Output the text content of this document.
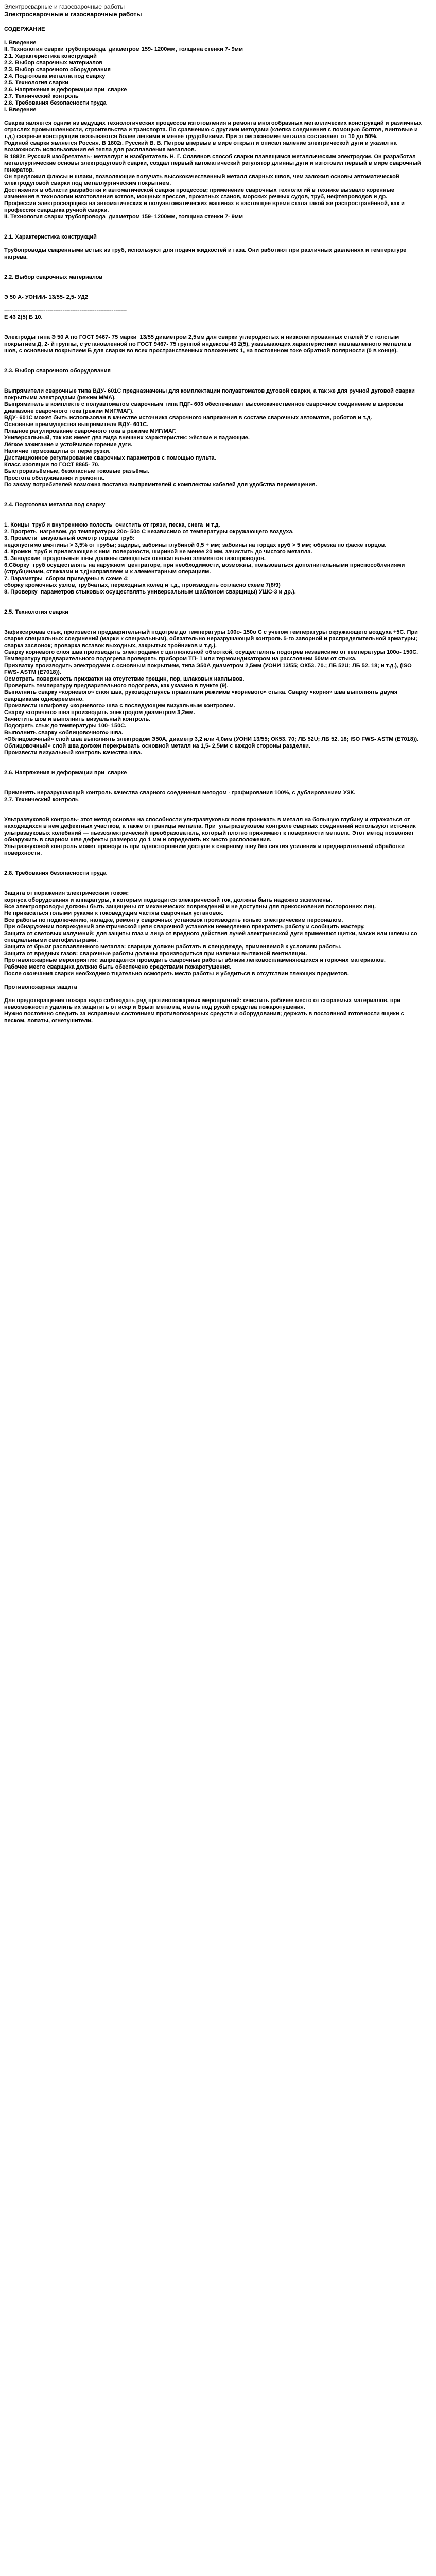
Электросварные и газосварочные работы
Электросварочные и газосварочные работы
СОДЕРЖАНИЕ
I. Введение
II. Технология сварки трубопровода  диаметром 159- 1200мм, толщина стенки 7- 9мм
2.1. Характеристика конструкций
2.2. Выбор сварочных материалов
2.3. Выбор сварочного оборудования
2.4. Подготовка металла под сварку
2.5. Технология сварки
2.6. Напряжения и деформации при  сварке
2.7. Технический контроль
2.8. Требования безопасности труда
I. Введение
Сварка является одним из ведущих технологических процессов изготовления и ремонта многообразных металлических конструкций и различных отраслях промышленности, строительства и транспорта. По сравнению с другими методами (клепка соединения с помощью болтов, винтовые и т.д.) сварные конструкции оказываются более легкими и менее трудоёмкими. При этом экономия металла составляет от 10 до 50%.
Родиной сварки является Россия. В 1802г. Русский В. В. Петров впервые в мире открыл и описал явление электрической дуги и указал на возможность использования её тепла для расплавления металлов.
В 1882г. Русский изобретатель- металлург и изобретатель Н. Г. Славянов способ сварки плавящимся металлическим электродом. Он разработал металлургические основы электродуговой сварки, создал первый автоматический регулятор длинны дуги и изготовил первый в мире сварочный генератор.
Он предложил флюсы и шлаки, позволяющие получать высококачественный металл сварных швов, чем заложил основы автоматической электродуговой сварки под металлургическим покрытием.
Достижения в области разработки и автоматической сварки процессов; применение сварочных технологий в технике вызвало коренные изменения в технологии изготовления котлов, мощных прессов, прокатных станов, морских речных судов, труб, нефтепроводов и др.
Профессия электросварщика на автоматических и полуавтоматических машинах в настоящее время стала такой же распространённой, как и профессия сварщика ручной сварки.
II. Технология сварки трубопровода  диаметром 159- 1200мм, толщина стенки 7- 9мм
2.1. Характеристика конструкций
Трубопроводы сваренными встык из труб, используют для подачи жидкостей и газа. Они работают при различных давлениях и температуре нагрева.
2.2. Выбор сварочных материалов
Э 50 А- УОНИИ- 13/55- 2,5- УД2
-----------------------------------------------------------------
Е 43 2(5) Б 10.
Электроды типа Э 50 А по ГОСТ 9467- 75 марки  13/55 диаметром 2,5мм для сварки углеродистых и низколегированных сталей У с толстым покрытием Д, 2- й группы, с установленной по ГОСТ 9467- 75 группой индексов 43 2(5), указывающих характеристики наплавленного металла в шов, с основным покрытием Б для сварки во всех пространственных положениях 1, на постоянном токе обратной полярности (0 в конце).
2.3. Выбор сварочного оборудования
Выпрямители сварочные типа ВДУ- 601С предназначены для комплектации полуавтоматов дуговой сварки, а так же для ручной дуговой сварки покрытыми электродами (режим ММА).
Выпрямитель в комплекте с полуавтоматом сварочным типа ПДГ- 603 обеспечивает высококачественное сварочное соединение в широком диапазоне сварочного тока (режим МИГ/МАГ).
ВДУ- 601С может быть использован в качестве источника сварочного напряжения в составе сварочных автоматов, роботов и т.д.
Основные преимущества выпрямителя ВДУ- 601С.
Плавное регулирование сварочного тока в режиме МИГ/МАГ.
Универсальный, так как имеет два вида внешних характеристик: жёсткие и падающие.
Лёгкое зажигание и устойчивое горение дуги.
Наличие термозащиты от перегрузки.
Дистанционное регулирование сварочных параметров с помощью пульта.
Класс изоляции по ГОСТ 8865- 70.
Быстроразъёмные, безопасные токовые разъёмы.
Простота обслуживания и ремонта.
По заказу потребителей возможна поставка выпрямителей с комплектом кабелей для удобства перемещения.
2.4. Подготовка металла под сварку
1. Концы  труб и внутреннюю полость  очистить от грязи, песка, снега  и т.д.
2. Прогреть  нагревом, до температуры 20о- 50о С независимо от температуры окружающего воздуха.
3. Провести  визуальный осмотр торцов труб:
недопустимо вмятины > 3,5% от трубы; задиры, забоины глубиной 0,5 + мм; забоины на торцах труб > 5 мм; обрезка по фаске торцов.
4. Кромки  труб и прилегающие к ним  поверхности, шириной не менее 20 мм, зачистить до чистого металла.
5. Заводские  продольные швы должны смещаться относительно элементов газопроводов.
6.Сборку  труб осуществлять на наружном  центраторе, при необходимости, возможны, пользоваться дополнительными приспособлениями (струбцинами, стяжками и т.д)направляем и к элементарным операциям.
7. Параметры  сборки приведены в схеме 4:
сборку кромочных узлов, трубчатых, переходных колец и т.д., производить согласно схеме 7(8/9)
8. Проверку  параметров стыковых осуществлять универсальным шаблоном сварщицы) УШС-3 и др.).
2.5. Технология сварки
Зафиксировав стык, произвести предварительный подогрев до температуры 100о- 150о С с учетом температуры окружающего воздуха +5С. При сварке специальных соединений (марки к специальным), обязательно неразрушающий контроль 5-го заворной и распределительной арматуры; сварка заслонок; проварка вставок выходных, закрытых тройников и т.д.).
Сварку корневого слоя шва производить электродами с целлюлозной обмоткой, осуществлять подогрев независимо от температуры 100о- 150С.
Температуру предварительного подогрева проверять прибором ТП- 1 или термоиндикатором на расстоянии 50мм от стыка.
Прихватку производить электродами с основным покрытием, типа Э50А диаметром 2,5мм (УОНИ 13/55; ОК53. 70.; ЛБ 52U; ЛБ 52. 18; и т.д.), (ISO FWS- ASTM (E7018)).
Осмотреть поверхность прихватки на отсутствие трещин, пор, шлаковых наплывов.
Проверить температуру предварительного подогрева, как указано в пункте (9).
Выполнить сварку «корневого» слоя шва, руководствуясь правилами режимов «корневого» стыка. Сварку «корня» шва выполнять двумя сварщиками одновременно.
Произвести шлифовку «корневого» шва с последующим визуальным контролем.
Сварку «горячего» шва производить электродом диаметром 3,2мм.
Зачистить шов и выполнить визуальный контроль.
Подогреть стык до температуры 100- 150С.
Выполнить сварку «облицовочного» шва.
«Облицовочный» слой шва выполнять электродом Э50А, диаметр 3,2 или 4,0мм (УОНИ 13/55; ОК53. 70; ЛБ 52U; ЛБ 52. 18; ISO FWS- ASTM (E7018)).
Облицовочный» слой шва должен перекрывать основной металл на 1,5- 2,5мм с каждой стороны разделки.
Произвести визуальный контроль качества шва.
2.6. Напряжения и деформации при  сварке
Применять неразрушающий контроль качества сварного соединения методом - графирования 100%, с дублированием УЗК.
2.7. Технический контроль
Ультразвуковой контроль- этот метод основан на способности ультразвуковых волн проникать в металл на большую глубину и отражаться от находящихся в нем дефектных участков, а также от границы металла. При  ультразвуковом контроле сварных соединений используют источник ультразвуковых колебаний — пьезоэлектрический преобразователь, который плотно прижимают к поверхности металла. Этот метод позволяет обнаружить в сварном шве дефекты размером до 1 мм и определить их место расположения.
Ультразвуковой контроль может проводить при односторонним доступе к сварному шву без снятия усиления и предварительной обработки поверхности.
2.8. Требования безопасности труда
Защита от поражения электрическим током:
корпуса оборудования и аппаратуры, к которым подводится электрический ток, должны быть надежно заземлены.
Все электропроводы должны быть защищены от механических повреждений и не доступны для прикосновения посторонних лиц.
Не прикасаться голыми руками к токоведущим частям сварочных установок.
Все работы по подключению, наладке, ремонту сварочных установок производить только электрическим персоналом.
При обнаружении повреждений электрической цепи сварочной установки немедленно прекратить работу и сообщить мастеру.
Защита от световых излучений: для защиты глаз и лица от вредного действия лучей электрической дуги применяют щитки, маски или шлемы со специальными светофильтрами.
Защита от брызг расплавленного металла: сварщик должен работать в спецодежде, применяемой к условиям работы.
Защита от вредных газов: сварочные работы должны производиться при наличии вытяжной вентиляции.
Противопожарные мероприятия: запрещается проводить сварочные работы вблизи легковоспламеняющихся и горючих материалов.
Рабочее место сварщика должно быть обеспечено средствами пожаротушения.
После окончания сварки необходимо тщательно осмотреть место работы и убедиться в отсутствии тлеющих предметов.
Противопожарная защита
Для предотвращения пожара надо соблюдать ряд противопожарных мероприятий: очистить рабочее место от сгораемых материалов, при невозможности удалить их защитить от искр и брызг металла, иметь под рукой средства пожаротушения.
Нужно постоянно следить за исправным состоянием противопожарных средств и оборудования; держать в постоянной готовности ящики с песком, лопаты, огнетушители.
